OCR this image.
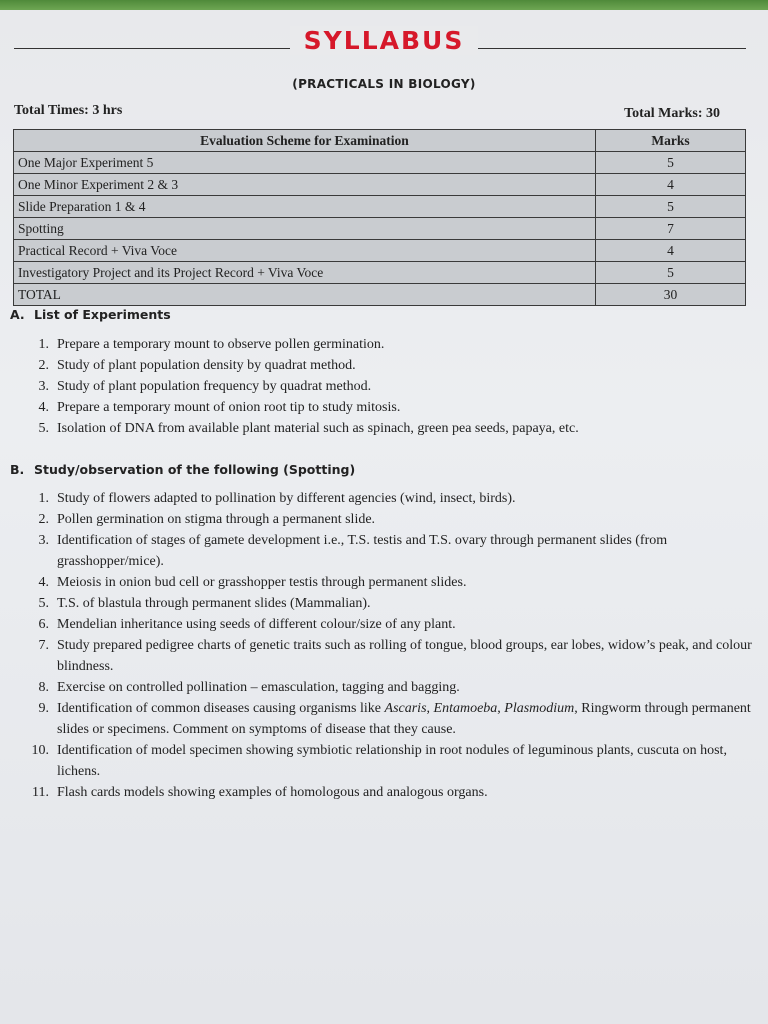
SYLLABUS
(PRACTICALS IN BIOLOGY)
Total Times: 3 hrs	Total Marks: 30
Evaluation Scheme for Examination	Marks
One Major Experiment 5	5
One Minor Experiment 2 & 3	4
Slide Preparation 1 & 4	5
Spotting	7
Practical Record + Viva Voce	4
Investigatory Project and its Project Record + Viva Voce	5
TOTAL	30
A. List of Experiments
1. Prepare a temporary mount to observe pollen germination.
2. Study of plant population density by quadrat method.
3. Study of plant population frequency by quadrat method.
4. Prepare a temporary mount of onion root tip to study mitosis.
5. Isolation of DNA from available plant material such as spinach, green pea seeds, papaya, etc.
B. Study/observation of the following (Spotting)
1. Study of flowers adapted to pollination by different agencies (wind, insect, birds).
2. Pollen germination on stigma through a permanent slide.
3. Identification of stages of gamete development i.e., T.S. testis and T.S. ovary through permanent slides (from grasshopper/mice).
4. Meiosis in onion bud cell or grasshopper testis through permanent slides.
5. T.S. of blastula through permanent slides (Mammalian).
6. Mendelian inheritance using seeds of different colour/size of any plant.
7. Study prepared pedigree charts of genetic traits such as rolling of tongue, blood groups, ear lobes, widow’s peak, and colour blindness.
8. Exercise on controlled pollination – emasculation, tagging and bagging.
9. Identification of common diseases causing organisms like Ascaris, Entamoeba, Plasmodium, Ringworm through permanent slides or specimens. Comment on symptoms of disease that they cause.
10. Identification of model specimen showing symbiotic relationship in root nodules of leguminous plants, cuscuta on host, lichens.
11. Flash cards models showing examples of homologous and analogous organs.
